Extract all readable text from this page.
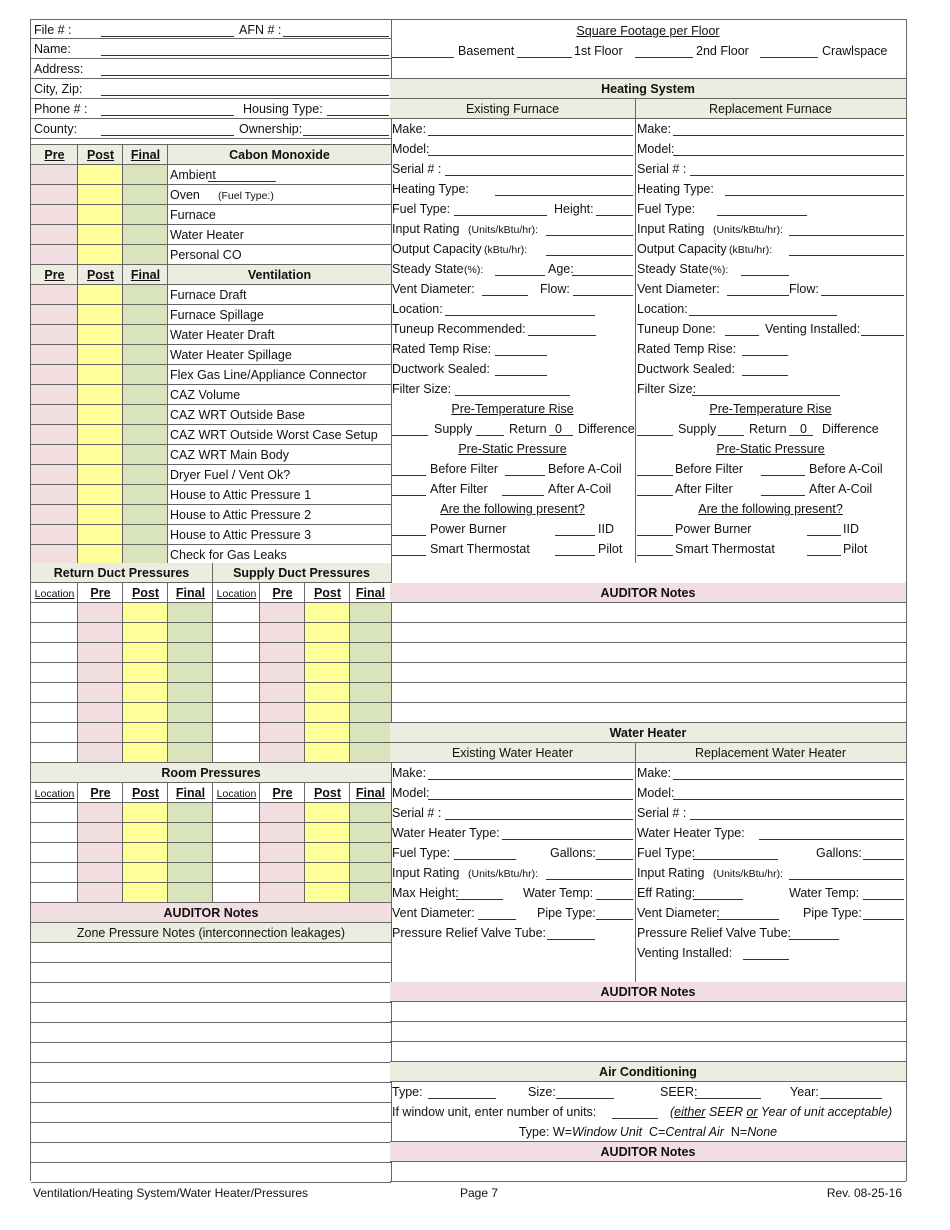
File # :	AFN # :
Name:
Address:
City, Zip:
Phone # :	Housing Type:
County:	Ownership:
Pre	Post	Final	Cabon Monoxide
Ambient
Oven (Fuel Type:)
Furnace
Water Heater
Personal CO
Pre	Post	Final	Ventilation
Furnace Draft
Furnace Spillage
Water Heater Draft
Water Heater Spillage
Flex Gas Line/Appliance Connector
CAZ Volume
CAZ WRT Outside Base
CAZ WRT Outside Worst Case Setup
CAZ WRT Main Body
Dryer Fuel / Vent Ok?
House to Attic Pressure 1
House to Attic Pressure 2
House to Attic Pressure 3
Check for Gas Leaks
Return Duct Pressures	Supply Duct Pressures
Location	Pre	Post	Final	Location	Pre	Post	Final
Room Pressures
Location	Pre	Post	Final	Location	Pre	Post	Final
AUDITOR Notes
Zone Pressure Notes (interconnection leakages)
Square Footage per Floor
Basement	1st Floor	2nd Floor	Crawlspace
Heating System
Existing Furnace	Replacement Furnace
Make:	Make:
Model:	Model:
Serial # :	Serial # :
Heating Type:	Heating Type:
Fuel Type:	Height:	Fuel Type:
Input Rating (Units/kBtu/hr):	Input Rating (Units/kBtu/hr):
Output Capacity (kBtu/hr):	Output Capacity (kBtu/hr):
Steady State (%):	Age:	Steady State (%):
Vent Diameter:	Flow:	Vent Diameter:	Flow:
Location:	Location:
Tuneup Recommended:	Tuneup Done:	Venting Installed:
Rated Temp Rise:	Rated Temp Rise:
Ductwork Sealed:	Ductwork Sealed:
Filter Size:	Filter Size:
Pre-Temperature Rise	Pre-Temperature Rise
Supply	Return 0 Difference	Supply	Return 0 Difference
Pre-Static Pressure	Pre-Static Pressure
Before Filter	Before A-Coil	Before Filter	Before A-Coil
After Filter	After A-Coil	After Filter	After A-Coil
Are the following present?	Are the following present?
Power Burner	IID	Power Burner	IID
Smart Thermostat	Pilot	Smart Thermostat	Pilot
AUDITOR Notes
Water Heater
Existing Water Heater	Replacement Water Heater
Make:	Make:
Model:	Model:
Serial # :	Serial # :
Water Heater Type:	Water Heater Type:
Fuel Type:	Gallons:	Fuel Type:	Gallons:
Input Rating (Units/kBtu/hr):	Input Rating (Units/kBtu/hr):
Max Height:	Water Temp:	Eff Rating:	Water Temp:
Vent Diameter:	Pipe Type:	Vent Diameter:	Pipe Type:
Pressure Relief Valve Tube:	Pressure Relief Valve Tube:
Venting Installed:
AUDITOR Notes
Air Conditioning
Type:	Size:	SEER:	Year:
If window unit, enter number of units:	(either SEER or Year of unit acceptable)
Type: W=Window Unit C=Central Air N=None
AUDITOR Notes
Ventilation/Heating System/Water Heater/Pressures	Page 7	Rev. 08-25-16
